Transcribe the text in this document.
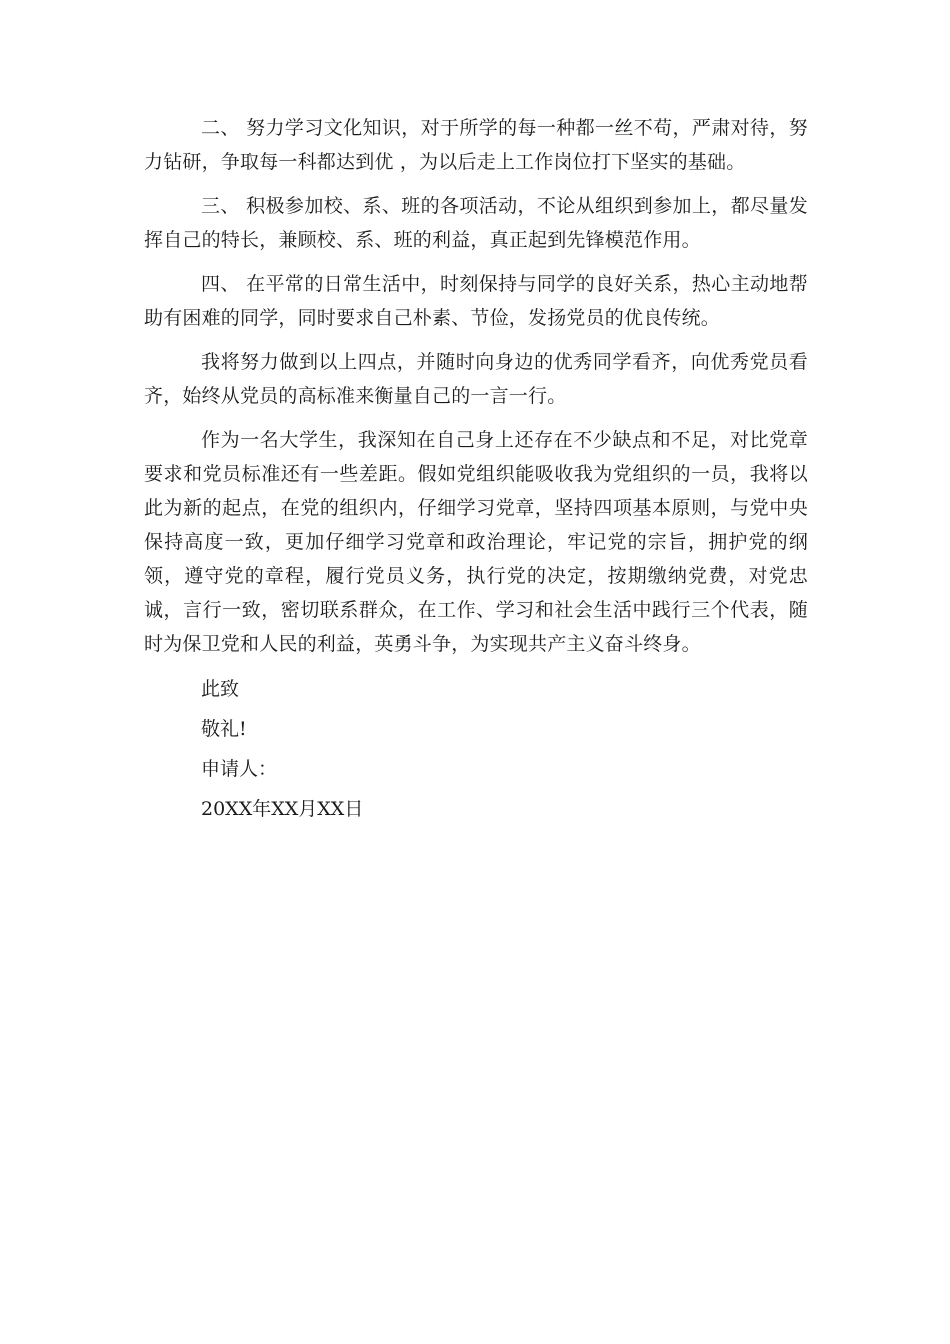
二、 努力学习文化知识，对于所学的每一种都一丝不苟，严肃对待，努力钻研，争取每一科都达到优 ，为以后走上工作岗位打下坚实的基础。

三、 积极参加校、系、班的各项活动，不论从组织到参加上，都尽量发挥自己的特长，兼顾校、系、班的利益，真正起到先锋模范作用。

四、 在平常的日常生活中，时刻保持与同学的良好关系，热心主动地帮助有困难的同学，同时要求自己朴素、节俭，发扬党员的优良传统。

我将努力做到以上四点，并随时向身边的优秀同学看齐，向优秀党员看齐，始终从党员的高标准来衡量自己的一言一行。

作为一名大学生，我深知在自己身上还存在不少缺点和不足，对比党章要求和党员标准还有一些差距。假如党组织能吸收我为党组织的一员，我将以此为新的起点，在党的组织内，仔细学习党章，坚持四项基本原则，与党中央保持高度一致，更加仔细学习党章和政治理论，牢记党的宗旨，拥护党的纲领，遵守党的章程，履行党员义务，执行党的决定，按期缴纳党费，对党忠诚，言行一致，密切联系群众，在工作、学习和社会生活中践行三个代表，随时为保卫党和人民的利益，英勇斗争，为实现共产主义奋斗终身。

此致
敬礼!
申请人：
20XX年XX月XX日
